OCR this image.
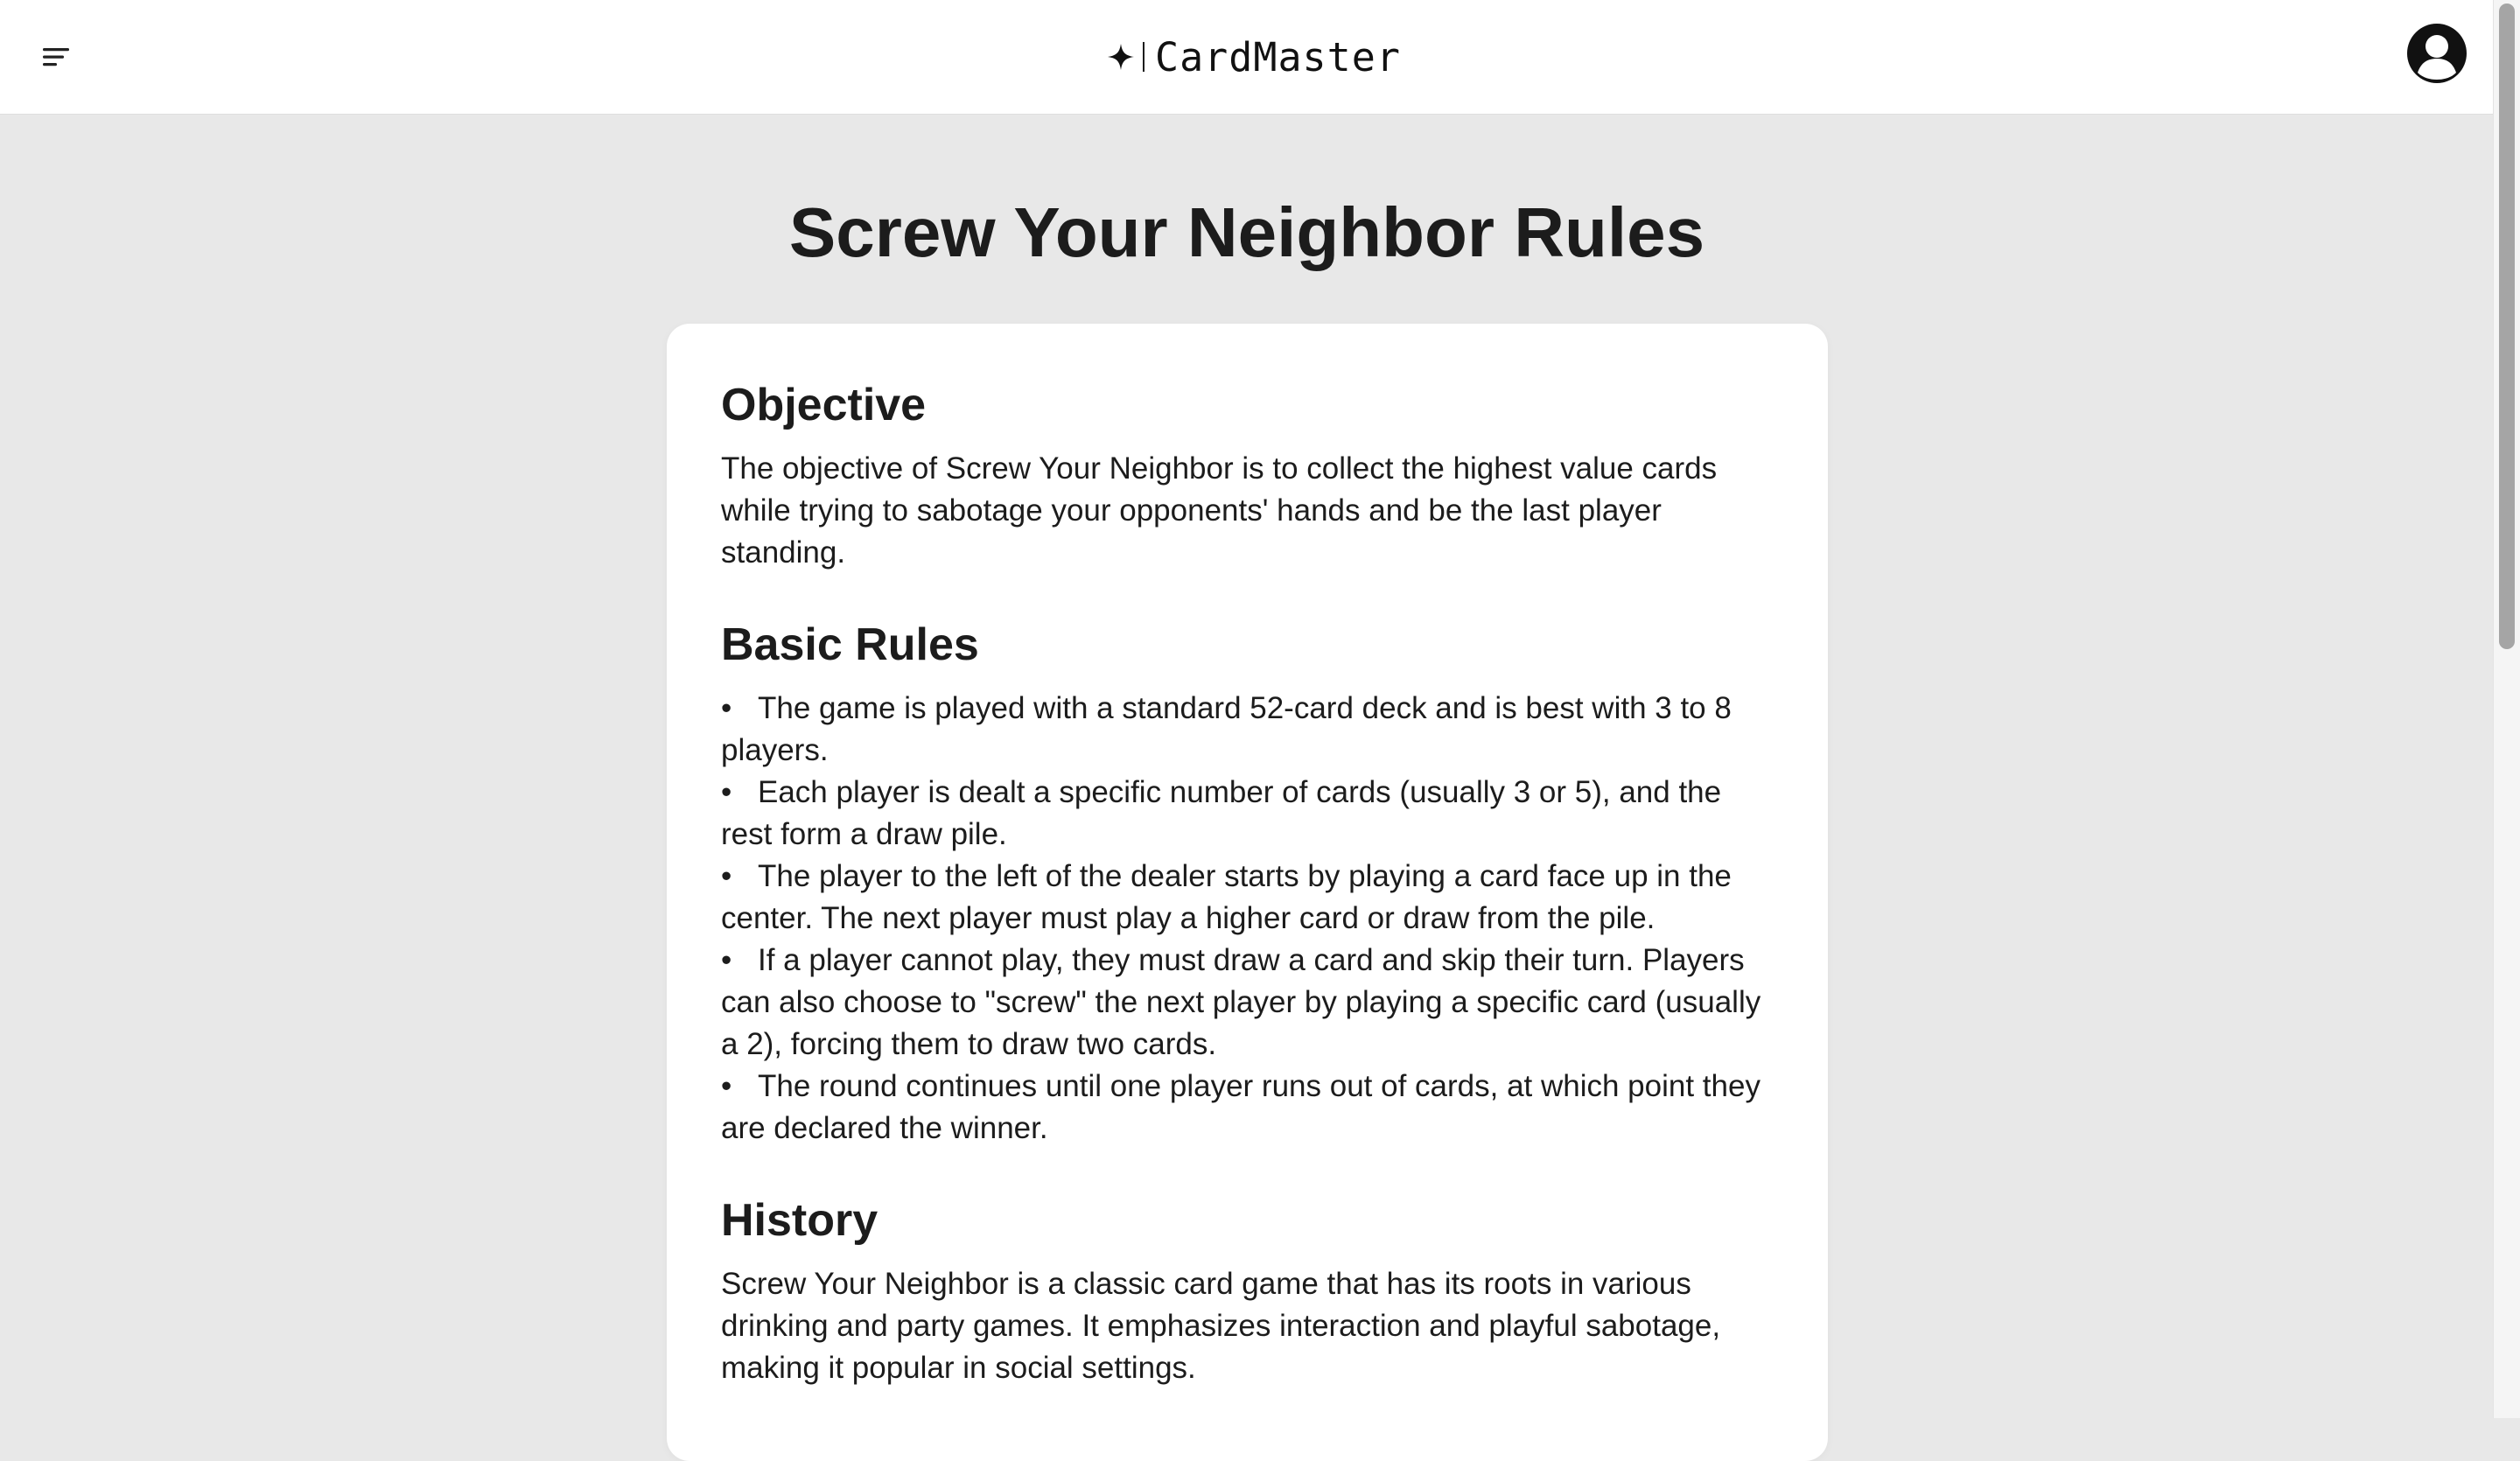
CardMaster
Screw Your Neighbor Rules
Objective

The objective of Screw Your Neighbor is to collect the highest value cards while trying to sabotage your opponents' hands and be the last player standing.

Basic Rules
• The game is played with a standard 52-card deck and is best with 3 to 8 players.
• Each player is dealt a specific number of cards (usually 3 or 5), and the rest form a draw pile.
• The player to the left of the dealer starts by playing a card face up in the center. The next player must play a higher card or draw from the pile.
• If a player cannot play, they must draw a card and skip their turn. Players can also choose to "screw" the next player by playing a specific card (usually a 2), forcing them to draw two cards.
• The round continues until one player runs out of cards, at which point they are declared the winner.
History

Screw Your Neighbor is a classic card game that has its roots in various drinking and party games. It emphasizes interaction and playful sabotage, making it popular in social settings.
